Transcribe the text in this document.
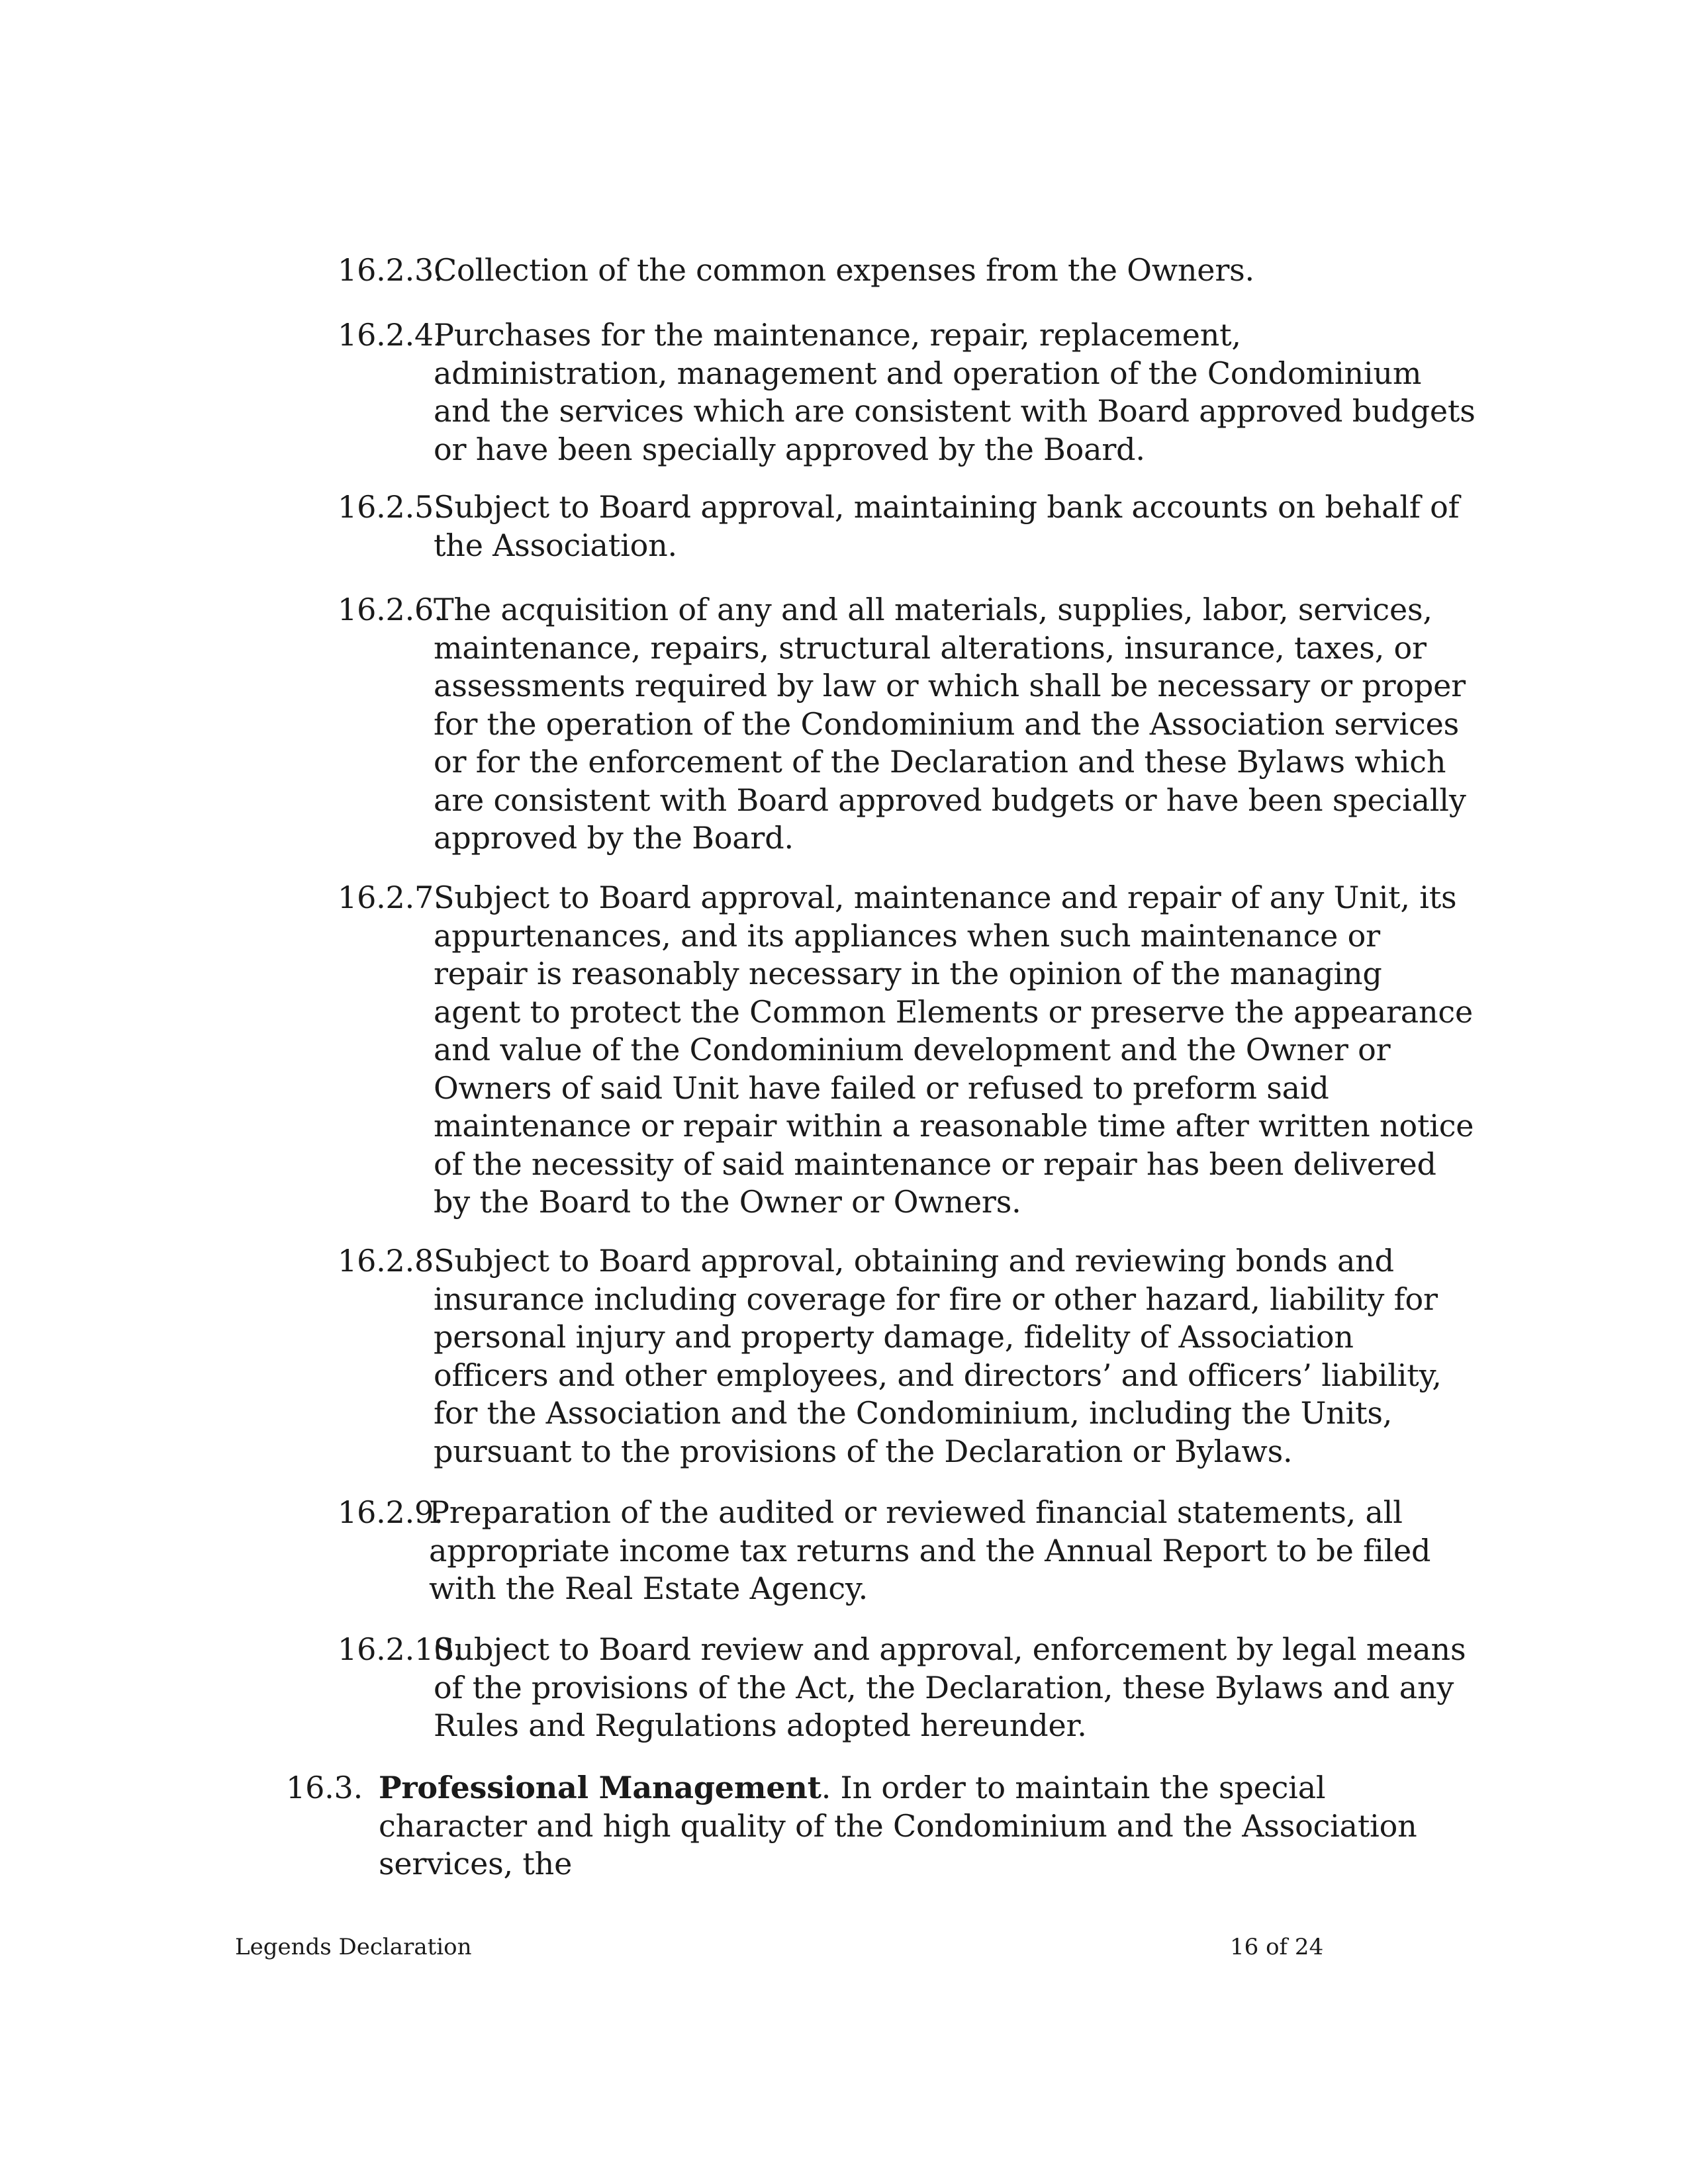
16.2.3.
Collection of the common expenses from the Owners.
16.2.4.
Purchases for the maintenance, repair, replacement, administration, management and operation of the Condominium and the services which are consistent with Board approved budgets or have been specially approved by the Board.
16.2.5.
Subject to Board approval, maintaining bank accounts on behalf of the Association.
16.2.6.
The acquisition of any and all materials, supplies, labor, services, maintenance, repairs, structural alterations, insurance, taxes, or assessments required by law or which shall be necessary or proper for the operation of the Condominium and the Association services or for the enforcement of the Declaration and these Bylaws which are consistent with Board approved budgets or have been specially approved by the Board.
16.2.7.
Subject to Board approval, maintenance and repair of any Unit, its appurtenances, and its appliances when such maintenance or repair is reasonably necessary in the opinion of the managing agent to protect the Common Elements or preserve the appearance and value of the Condominium development and the Owner or Owners of said Unit have failed or refused to preform said maintenance or repair within a reasonable time after written notice of the necessity of said maintenance or repair has been delivered by the Board to the Owner or Owners.
16.2.8.
Subject to Board approval, obtaining and reviewing bonds and insurance including coverage for fire or other hazard, liability for personal injury and property damage, fidelity of Association officers and other employees, and directors’ and officers’ liability, for the Association and the Condominium, including the Units, pursuant to the provisions of the Declaration or Bylaws.
16.2.9.
Preparation of the audited or reviewed financial statements, all appropriate income tax returns and the Annual Report to be filed with the Real Estate Agency.
16.2.10.
Subject to Board review and approval, enforcement by legal means of the provisions of the Act, the Declaration, these Bylaws and any Rules and Regulations adopted hereunder.
16.3. Professional Management. In order to maintain the special character and high quality of the Condominium and the Association services, the
Legends Declaration	16 of 24
